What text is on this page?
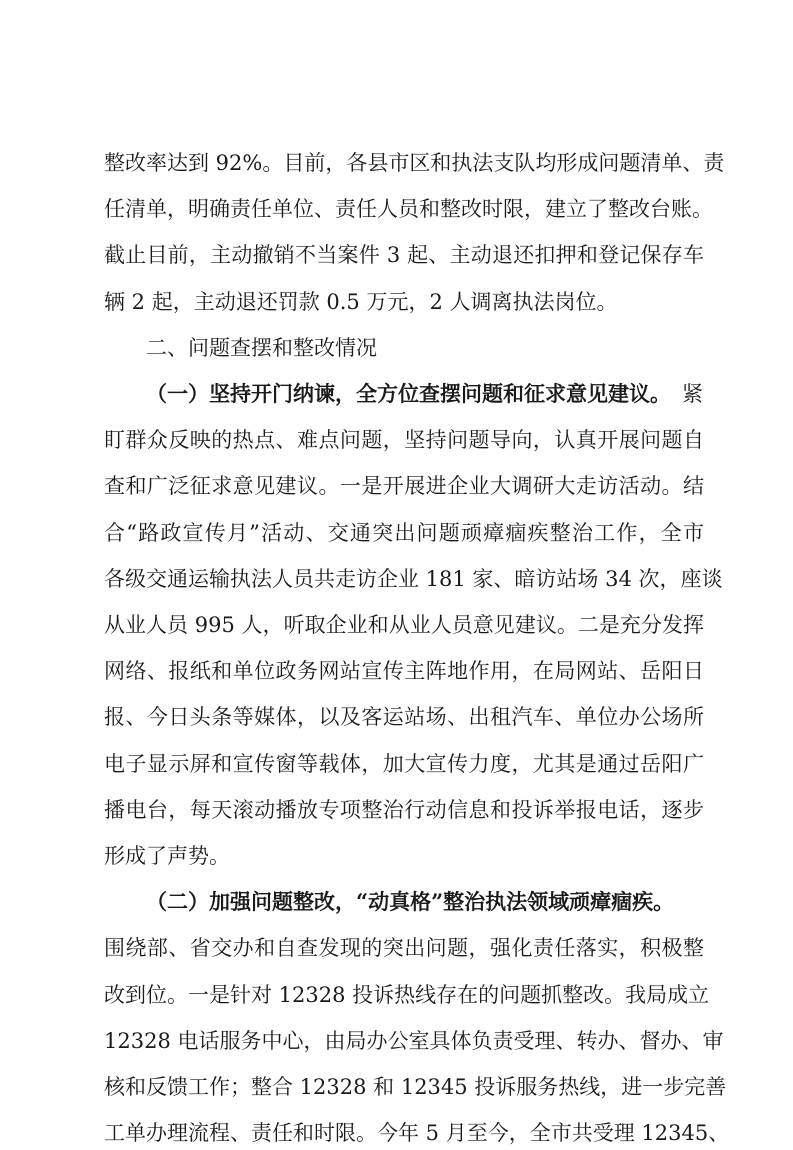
整改率达到 92%。目前，各县市区和执法支队均形成问题清单、责
任清单，明确责任单位、责任人员和整改时限，建立了整改台账。
截止目前，主动撤销不当案件 3 起、主动退还扣押和登记保存车
辆 2 起，主动退还罚款 0.5 万元，2 人调离执法岗位。
二、问题查摆和整改情况
（一）坚持开门纳谏，全方位查摆问题和征求意见建议。 紧
盯群众反映的热点、难点问题，坚持问题导向，认真开展问题自
查和广泛征求意见建议。一是开展进企业大调研大走访活动。结
合“路政宣传月”活动、交通突出问题顽瘴痼疾整治工作，全市
各级交通运输执法人员共走访企业 181 家、暗访站场 34 次，座谈
从业人员 995 人，听取企业和从业人员意见建议。二是充分发挥
网络、报纸和单位政务网站宣传主阵地作用，在局网站、岳阳日
报、今日头条等媒体，以及客运站场、出租汽车、单位办公场所
电子显示屏和宣传窗等载体，加大宣传力度，尤其是通过岳阳广
播电台，每天滚动播放专项整治行动信息和投诉举报电话，逐步
形成了声势。
（二）加强问题整改，“动真格”整治执法领域顽瘴痼疾。
围绕部、省交办和自查发现的突出问题，强化责任落实，积极整
改到位。一是针对 12328 投诉热线存在的问题抓整改。我局成立
12328 电话服务中心，由局办公室具体负责受理、转办、督办、审
核和反馈工作；整合 12328 和 12345 投诉服务热线，进一步完善
工单办理流程、责任和时限。今年 5 月至今，全市共受理 12345、
